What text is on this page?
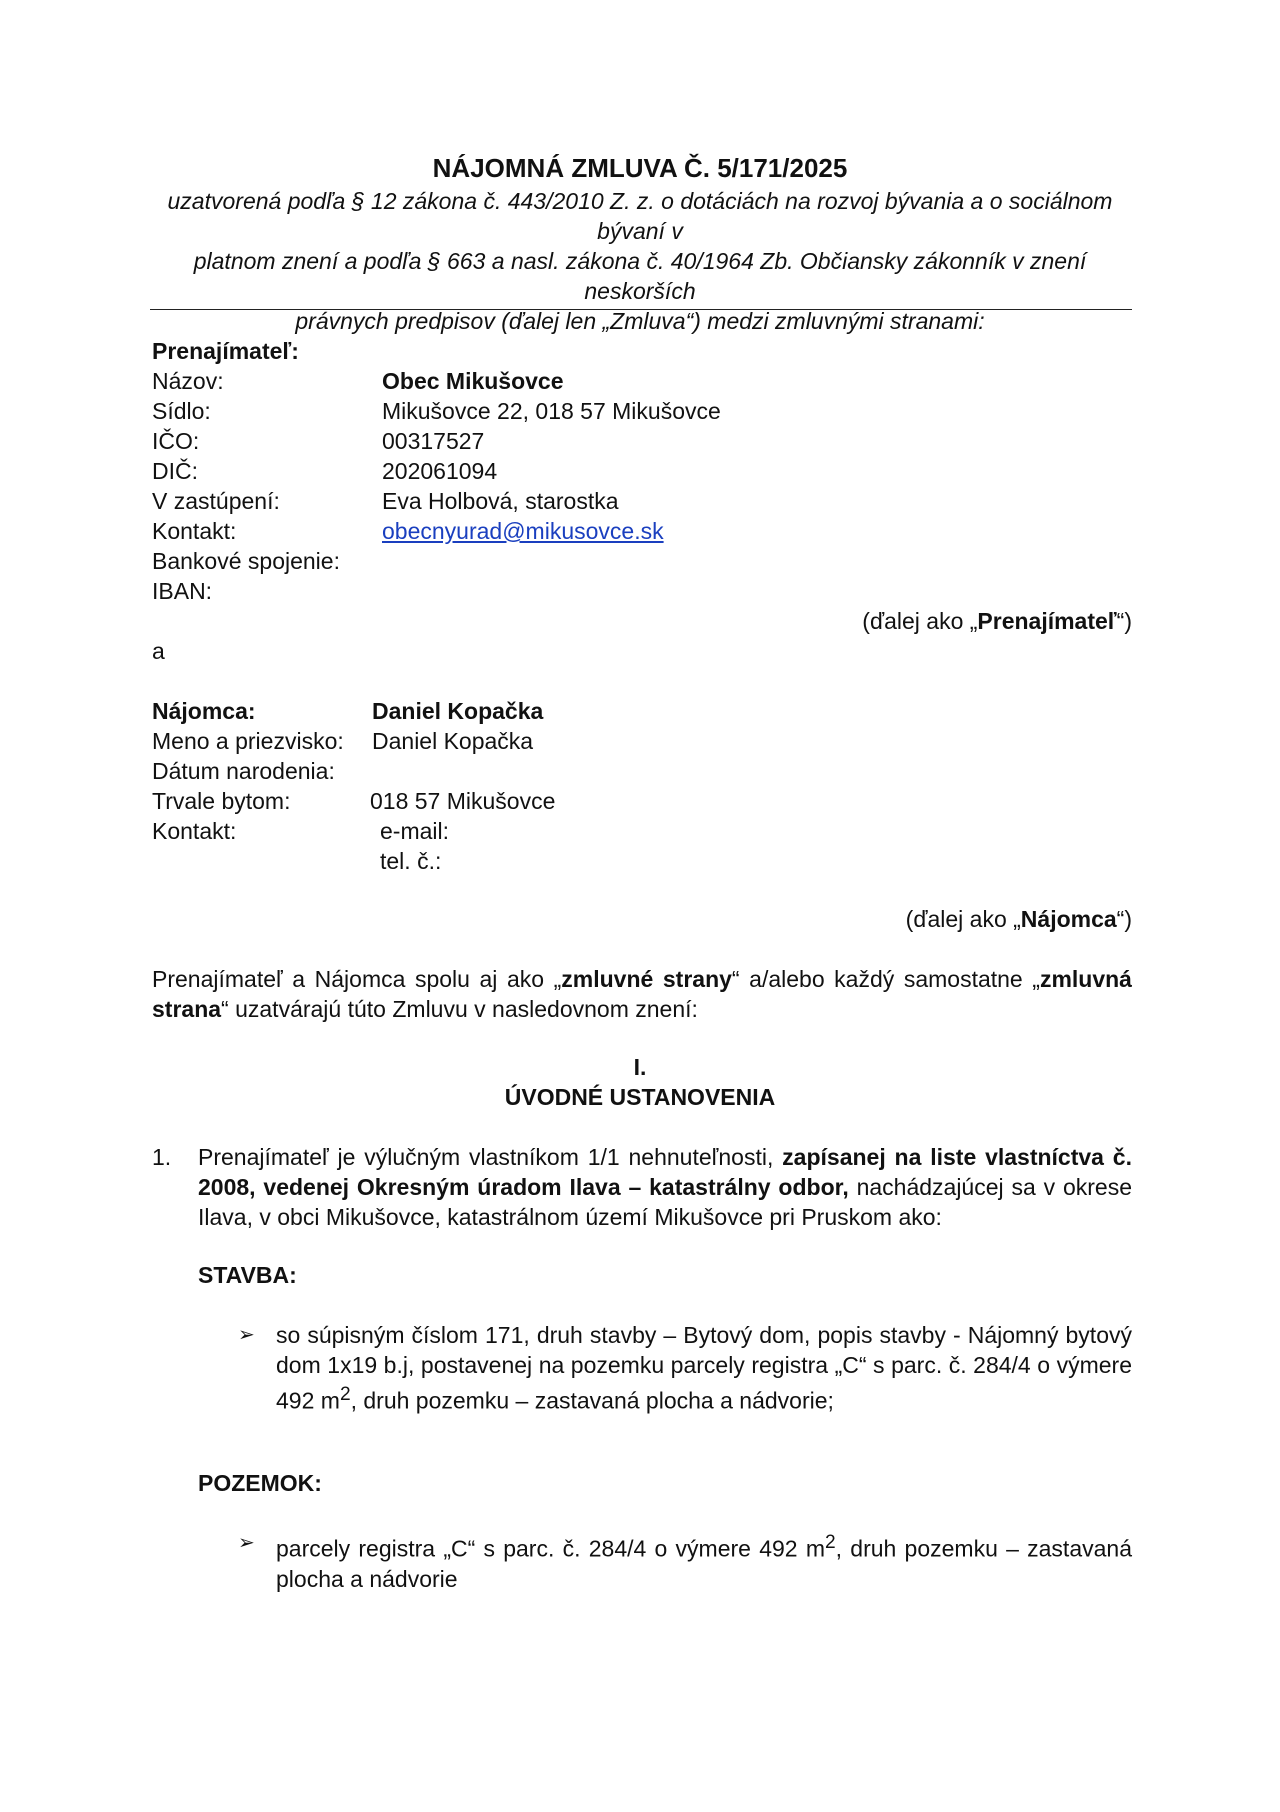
NÁJOMNÁ ZMLUVA Č. 5/171/2025
uzatvorená podľa § 12 zákona č. 443/2010 Z. z. o dotáciách na rozvoj bývania a o sociálnom bývaní v
platnom znení a podľa § 663 a nasl. zákona č. 40/1964 Zb. Občiansky zákonník v znení neskorších
právnych predpisov (ďalej len „Zmluva“) medzi zmluvnými stranami:
Prenajímateľ:
Názov:	Obec Mikušovce
Sídlo:	Mikušovce 22, 018 57 Mikušovce
IČO:	00317527
DIČ:	202061094
V zastúpení:	Eva Holbová, starostka
Kontakt:	obecnyurad@mikusovce.sk
Bankové spojenie:
IBAN:
(ďalej ako „Prenajímateľ“)
a
Nájomca:	Daniel Kopačka
Meno a priezvisko: Daniel Kopačka
Dátum narodenia:
Trvale bytom:	018 57 Mikušovce
Kontakt:	e-mail:
tel. č.:
(ďalej ako „Nájomca“)
Prenajímateľ a Nájomca spolu aj ako „zmluvné strany“ a/alebo každý samostatne „zmluvná strana“ uzatvárajú túto Zmluvu v nasledovnom znení:
I.
ÚVODNÉ USTANOVENIA
1. Prenajímateľ je výlučným vlastníkom 1/1 nehnuteľnosti, zapísanej na liste vlastníctva č. 2008, vedenej Okresným úradom Ilava – katastrálny odbor, nachádzajúcej sa v okrese Ilava, v obci Mikušovce, katastrálnom území Mikušovce pri Pruskom ako:
STAVBA:
➢ so súpisným číslom 171, druh stavby – Bytový dom, popis stavby - Nájomný bytový dom 1x19 b.j, postavenej na pozemku parcely registra „C“ s parc. č. 284/4 o výmere 492 $m^2$, druh pozemku – zastavaná plocha a nádvorie;
POZEMOK:
➢ parcely registra „C“ s parc. č. 284/4 o výmere 492 $m^2$, druh pozemku – zastavaná plocha a nádvorie
